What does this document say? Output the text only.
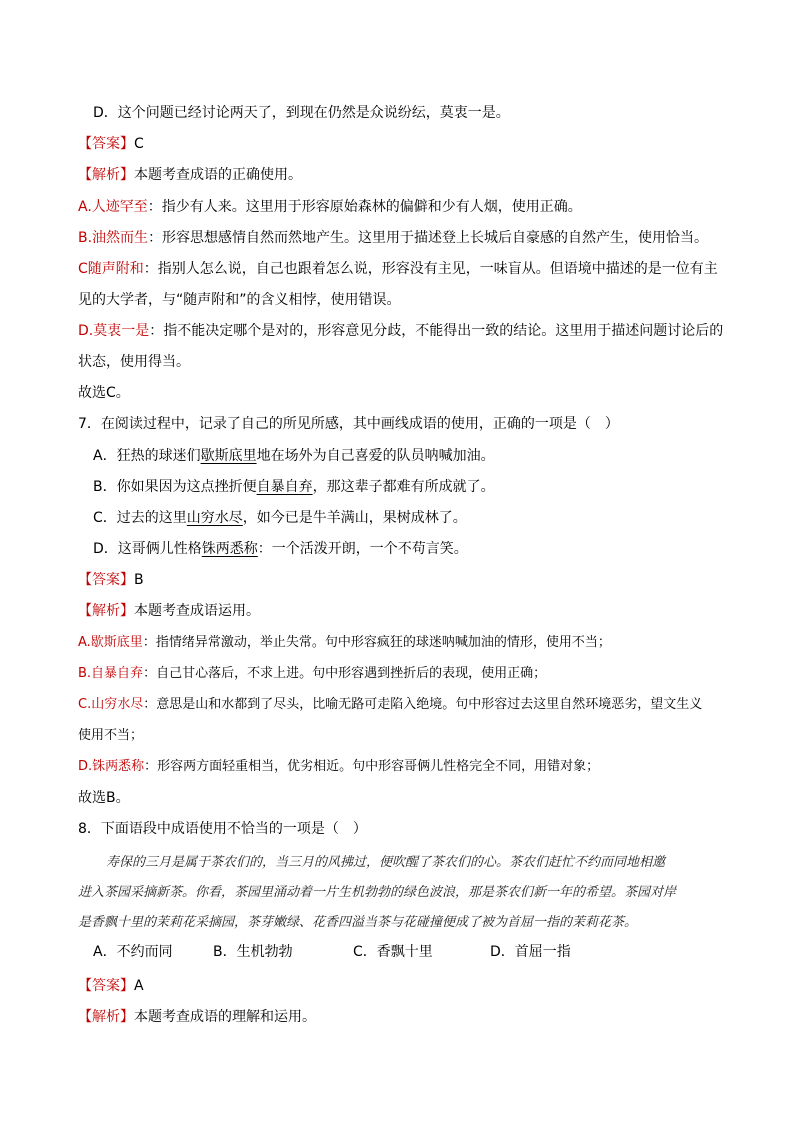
D．这个问题已经讨论两天了，到现在仍然是众说纷纭，莫衷一是。
【答案】C
【解析】本题考查成语的正确使用。
A.人迹罕至：指少有人来。这里用于形容原始森林的偏僻和少有人烟，使用正确。
B.油然而生：形容思想感情自然而然地产生。这里用于描述登上长城后自豪感的自然产生，使用恰当。
C随声附和：指别人怎么说，自己也跟着怎么说，形容没有主见，一味盲从。但语境中描述的是一位有主
见的大学者，与“随声附和”的含义相悖，使用错误。
D.莫衷一是：指不能决定哪个是对的，形容意见分歧，不能得出一致的结论。这里用于描述问题讨论后的
状态，使用得当。
故选C。
7．在阅读过程中，记录了自己的所见所感，其中画线成语的使用，正确的一项是（　）
A．狂热的球迷们歇斯底里地在场外为自己喜爱的队员呐喊加油。
B．你如果因为这点挫折便自暴自弃，那这辈子都难有所成就了。
C．过去的这里山穷水尽，如今已是牛羊满山，果树成林了。
D．这哥俩儿性格铢两悉称：一个活泼开朗，一个不苟言笑。
【答案】B
【解析】本题考查成语运用。
A.歇斯底里：指情绪异常激动，举止失常。句中形容疯狂的球迷呐喊加油的情形，使用不当；
B.自暴自弃：自己甘心落后，不求上进。句中形容遇到挫折后的表现，使用正确；
C.山穷水尽：意思是山和水都到了尽头，比喻无路可走陷入绝境。句中形容过去这里自然环境恶劣，望文生义
使用不当；
D.铢两悉称：形容两方面轻重相当，优劣相近。句中形容哥俩儿性格完全不同，用错对象；
故选B。
8．下面语段中成语使用不恰当的一项是（　）
寿保的三月是属于茶农们的，当三月的风拂过，便吹醒了茶农们的心。茶农们赶忙不约而同地相邀
进入茶园采摘新茶。你看，茶园里涌动着一片生机勃勃的绿色波浪，那是茶农们新一年的希望。茶园对岸
是香飘十里的茉莉花采摘园，茶芽嫩绿、花香四溢当茶与花碰撞便成了被为首屈一指的茉莉花茶。
A．不约而同	B．生机勃勃	C．香飘十里	D．首屈一指
【答案】A
【解析】本题考查成语的理解和运用。
